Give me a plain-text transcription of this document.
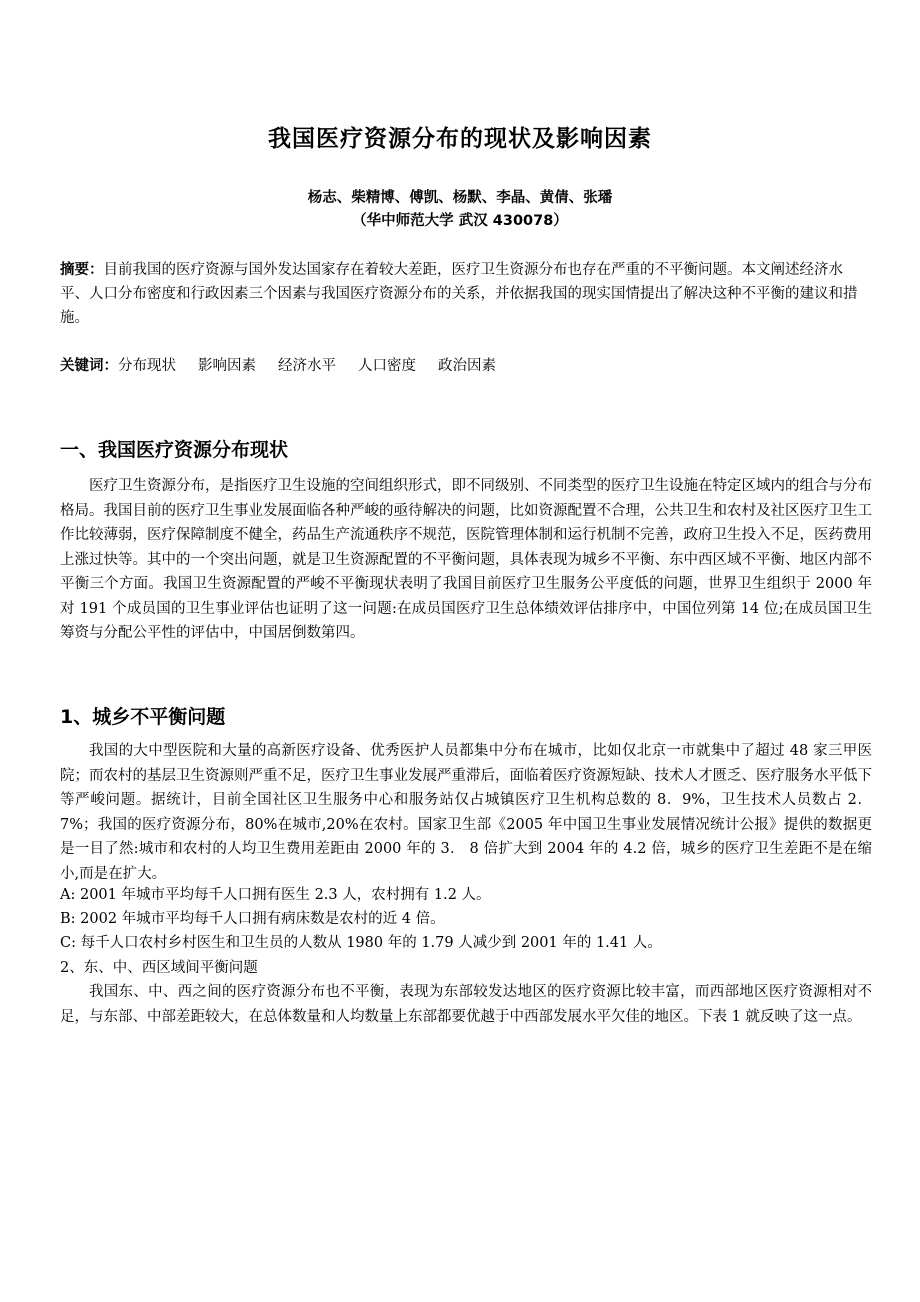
我国医疗资源分布的现状及影响因素
杨志、柴精博、傅凯、杨默、李晶、黄倩、张璠
（华中师范大学 武汉 430078）
摘要：目前我国的医疗资源与国外发达国家存在着较大差距，医疗卫生资源分布也存在严重的不平衡问题。本文阐述经济水平、人口分布密度和行政因素三个因素与我国医疗资源分布的关系，并依据我国的现实国情提出了解决这种不平衡的建议和措施。
关键词：分布现状 影响因素 经济水平 人口密度 政治因素
一、我国医疗资源分布现状
医疗卫生资源分布，是指医疗卫生设施的空间组织形式，即不同级别、不同类型的医疗卫生设施在特定区域内的组合与分布格局。我国目前的医疗卫生事业发展面临各种严峻的亟待解决的问题，比如资源配置不合理，公共卫生和农村及社区医疗卫生工作比较薄弱，医疗保障制度不健全，药品生产流通秩序不规范，医院管理体制和运行机制不完善，政府卫生投入不足，医药费用上涨过快等。其中的一个突出问题，就是卫生资源配置的不平衡问题，具体表现为城乡不平衡、东中西区域不平衡、地区内部不平衡三个方面。我国卫生资源配置的严峻不平衡现状表明了我国目前医疗卫生服务公平度低的问题，世界卫生组织于 2000 年对 191 个成员国的卫生事业评估也证明了这一问题:在成员国医疗卫生总体绩效评估排序中，中国位列第 14 位;在成员国卫生筹资与分配公平性的评估中，中国居倒数第四。
1、城乡不平衡问题
我国的大中型医院和大量的高新医疗设备、优秀医护人员都集中分布在城市，比如仅北京一市就集中了超过 48 家三甲医院；而农村的基层卫生资源则严重不足，医疗卫生事业发展严重滞后，面临着医疗资源短缺、技术人才匮乏、医疗服务水平低下等严峻问题。据统计，目前全国社区卫生服务中心和服务站仅占城镇医疗卫生机构总数的 8．9%，卫生技术人员数占 2．7%；我国的医疗资源分布，80%在城市,20%在农村。国家卫生部《2005 年中国卫生事业发展情况统计公报》提供的数据更是一目了然:城市和农村的人均卫生费用差距由 2000 年的 3． 8 倍扩大到 2004 年的 4.2 倍，城乡的医疗卫生差距不是在缩小,而是在扩大。
A: 2001 年城市平均每千人口拥有医生 2.3 人，农村拥有 1.2 人。
B: 2002 年城市平均每千人口拥有病床数是农村的近 4 倍。
C: 每千人口农村乡村医生和卫生员的人数从 1980 年的 1.79 人减少到 2001 年的 1.41 人。
2、东、中、西区域间平衡问题
我国东、中、西之间的医疗资源分布也不平衡，表现为东部较发达地区的医疗资源比较丰富，而西部地区医疗资源相对不足，与东部、中部差距较大，在总体数量和人均数量上东部都要优越于中西部发展水平欠佳的地区。下表 1 就反映了这一点。
